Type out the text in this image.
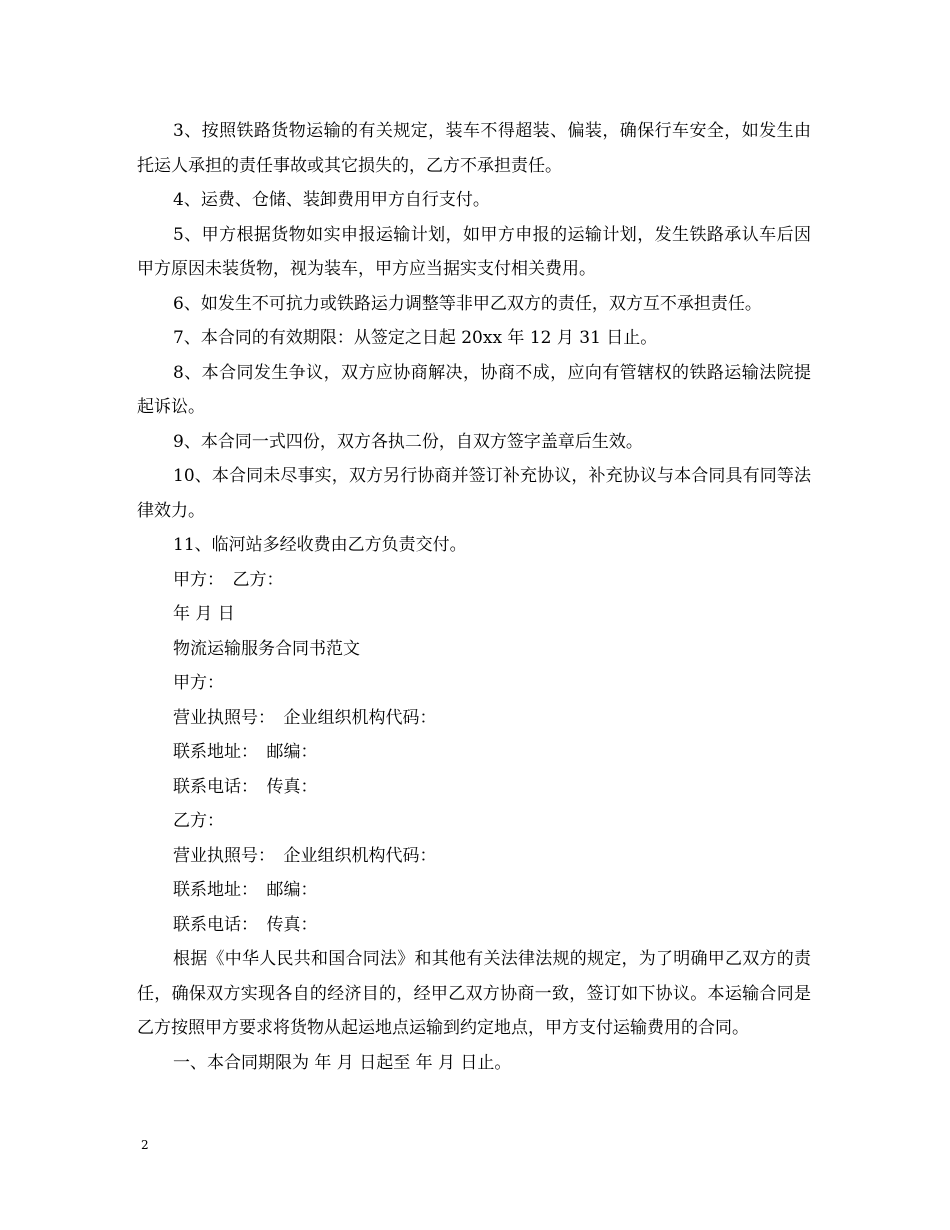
3、按照铁路货物运输的有关规定，装车不得超装、偏装，确保行车安全，如发生由托运人承担的责任事故或其它损失的，乙方不承担责任。

4、运费、仓储、装卸费用甲方自行支付。

5、甲方根据货物如实申报运输计划，如甲方申报的运输计划，发生铁路承认车后因甲方原因未装货物，视为装车，甲方应当据实支付相关费用。

6、如发生不可抗力或铁路运力调整等非甲乙双方的责任，双方互不承担责任。

7、本合同的有效期限：从签定之日起 20xx 年 12 月 31 日止。

8、本合同发生争议，双方应协商解决，协商不成，应向有管辖权的铁路运输法院提起诉讼。

9、本合同一式四份，双方各执二份，自双方签字盖章后生效。

10、本合同未尽事实，双方另行协商并签订补充协议，补充协议与本合同具有同等法律效力。

11、临河站多经收费由乙方负责交付。

甲方：　乙方：

年 月 日

物流运输服务合同书范文

甲方：

营业执照号：　企业组织机构代码：

联系地址：　邮编：

联系电话：　传真：

乙方：

营业执照号：　企业组织机构代码：

联系地址：　邮编：

联系电话：　传真：

根据《中华人民共和国合同法》和其他有关法律法规的规定，为了明确甲乙双方的责任，确保双方实现各自的经济目的，经甲乙双方协商一致，签订如下协议。本运输合同是乙方按照甲方要求将货物从起运地点运输到约定地点，甲方支付运输费用的合同。

一、本合同期限为 年 月 日起至 年 月 日止。

2
